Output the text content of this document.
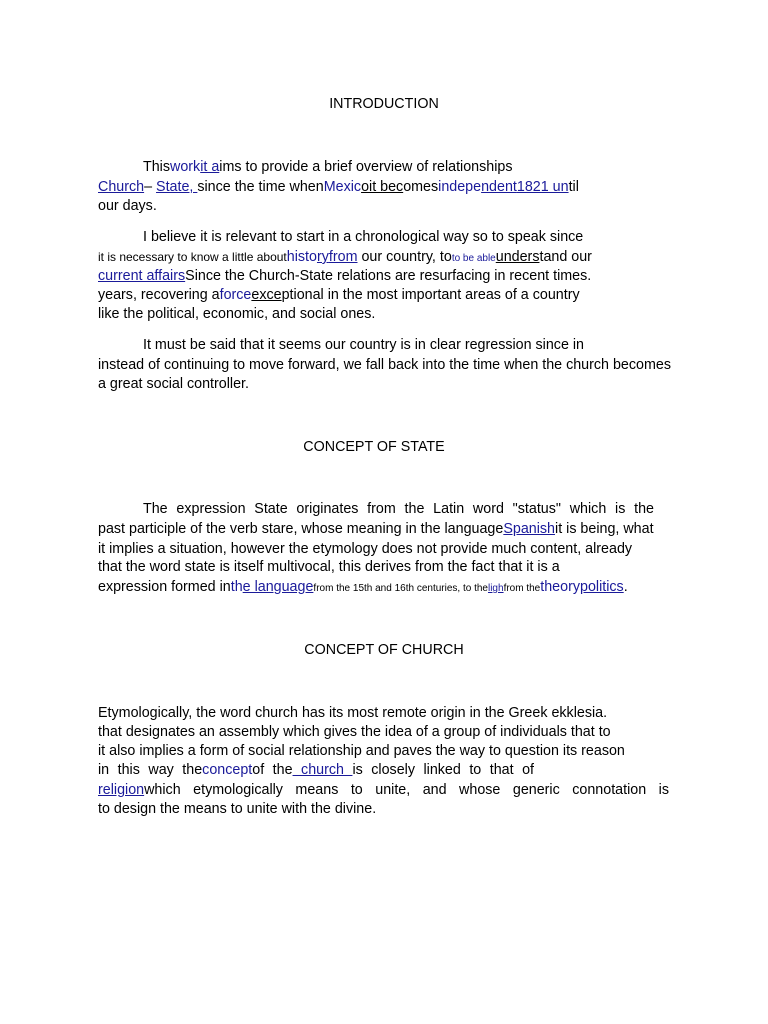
INTRODUCTION

Thisworkit aims to provide a brief overview of relationships

Church– State, since the time whenMexicoit becomesindependent1821 until

our days.

I believe it is relevant to start in a chronological way so to speak since

it is necessary to know a little abouthistoryfrom our country, toto be ableunderstand our

current affairsSince the Church-State relations are resurfacing in recent times.

years, recovering aforceexceptional in the most important areas of a country

like the political, economic, and social ones.

It must be said that it seems our country is in clear regression since in

instead of continuing to move forward, we fall back into the time when the church becomes

a great social controller.

CONCEPT OF STATE

The expression State originates from the Latin word "status" which is the

past participle of the verb stare, whose meaning in the languageSpanishit is being, what

it implies a situation, however the etymology does not provide much content, already

that the word state is itself multivocal, this derives from the fact that it is a

expression formed inthe languagefrom the 15th and 16th centuries, to thelighfrom thetheorypolitics.

CONCEPT OF CHURCH

Etymologically, the word church has its most remote origin in the Greek ekklesia.

that designates an assembly which gives the idea of a group of individuals that to

it also implies a form of social relationship and paves the way to question its reason

in this way theconceptof the church is closely linked to that of

religionwhich etymologically means to unite, and whose generic connotation is

to design the means to unite with the divine.
